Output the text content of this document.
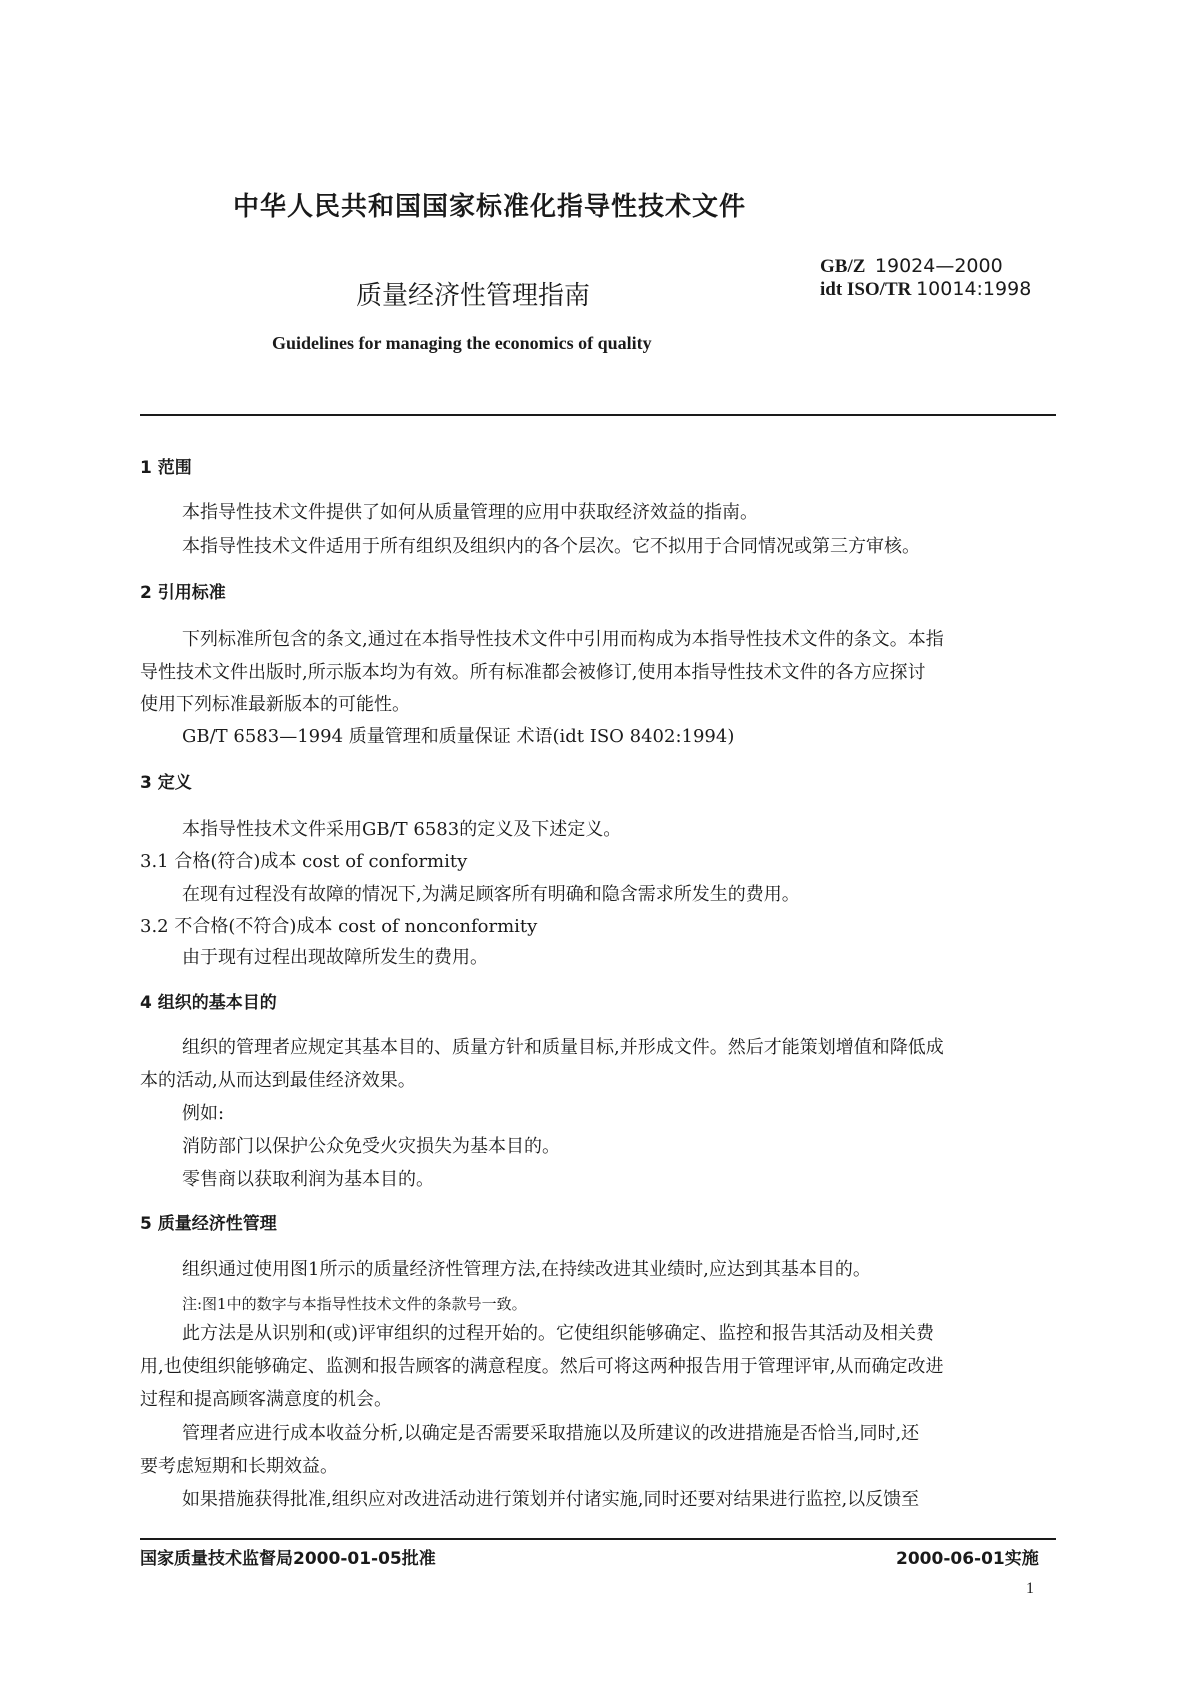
中华人民共和国国家标准化指导性技术文件
GB/Z 19024—2000
idt ISO/TR 10014:1998
质量经济性管理指南
Guidelines for managing the economics of quality
1 范围
本指导性技术文件提供了如何从质量管理的应用中获取经济效益的指南。
本指导性技术文件适用于所有组织及组织内的各个层次。它不拟用于合同情况或第三方审核。
2 引用标准
下列标准所包含的条文,通过在本指导性技术文件中引用而构成为本指导性技术文件的条文。本指
导性技术文件出版时,所示版本均为有效。所有标准都会被修订,使用本指导性技术文件的各方应探讨
使用下列标准最新版本的可能性。
GB/T 6583—1994 质量管理和质量保证 术语(idt ISO 8402:1994)
3 定义
本指导性技术文件采用GB/T 6583的定义及下述定义。
3.1 合格(符合)成本 cost of conformity
在现有过程没有故障的情况下,为满足顾客所有明确和隐含需求所发生的费用。
3.2 不合格(不符合)成本 cost of nonconformity
由于现有过程出现故障所发生的费用。
4 组织的基本目的
组织的管理者应规定其基本目的、质量方针和质量目标,并形成文件。然后才能策划增值和降低成
本的活动,从而达到最佳经济效果。
例如:
消防部门以保护公众免受火灾损失为基本目的。
零售商以获取利润为基本目的。
5 质量经济性管理
组织通过使用图1所示的质量经济性管理方法,在持续改进其业绩时,应达到其基本目的。
注:图1中的数字与本指导性技术文件的条款号一致。
此方法是从识别和(或)评审组织的过程开始的。它使组织能够确定、监控和报告其活动及相关费
用,也使组织能够确定、监测和报告顾客的满意程度。然后可将这两种报告用于管理评审,从而确定改进
过程和提高顾客满意度的机会。
管理者应进行成本收益分析,以确定是否需要采取措施以及所建议的改进措施是否恰当,同时,还
要考虑短期和长期效益。
如果措施获得批准,组织应对改进活动进行策划并付诸实施,同时还要对结果进行监控,以反馈至
国家质量技术监督局2000-01-05批准	2000-06-01实施
1
